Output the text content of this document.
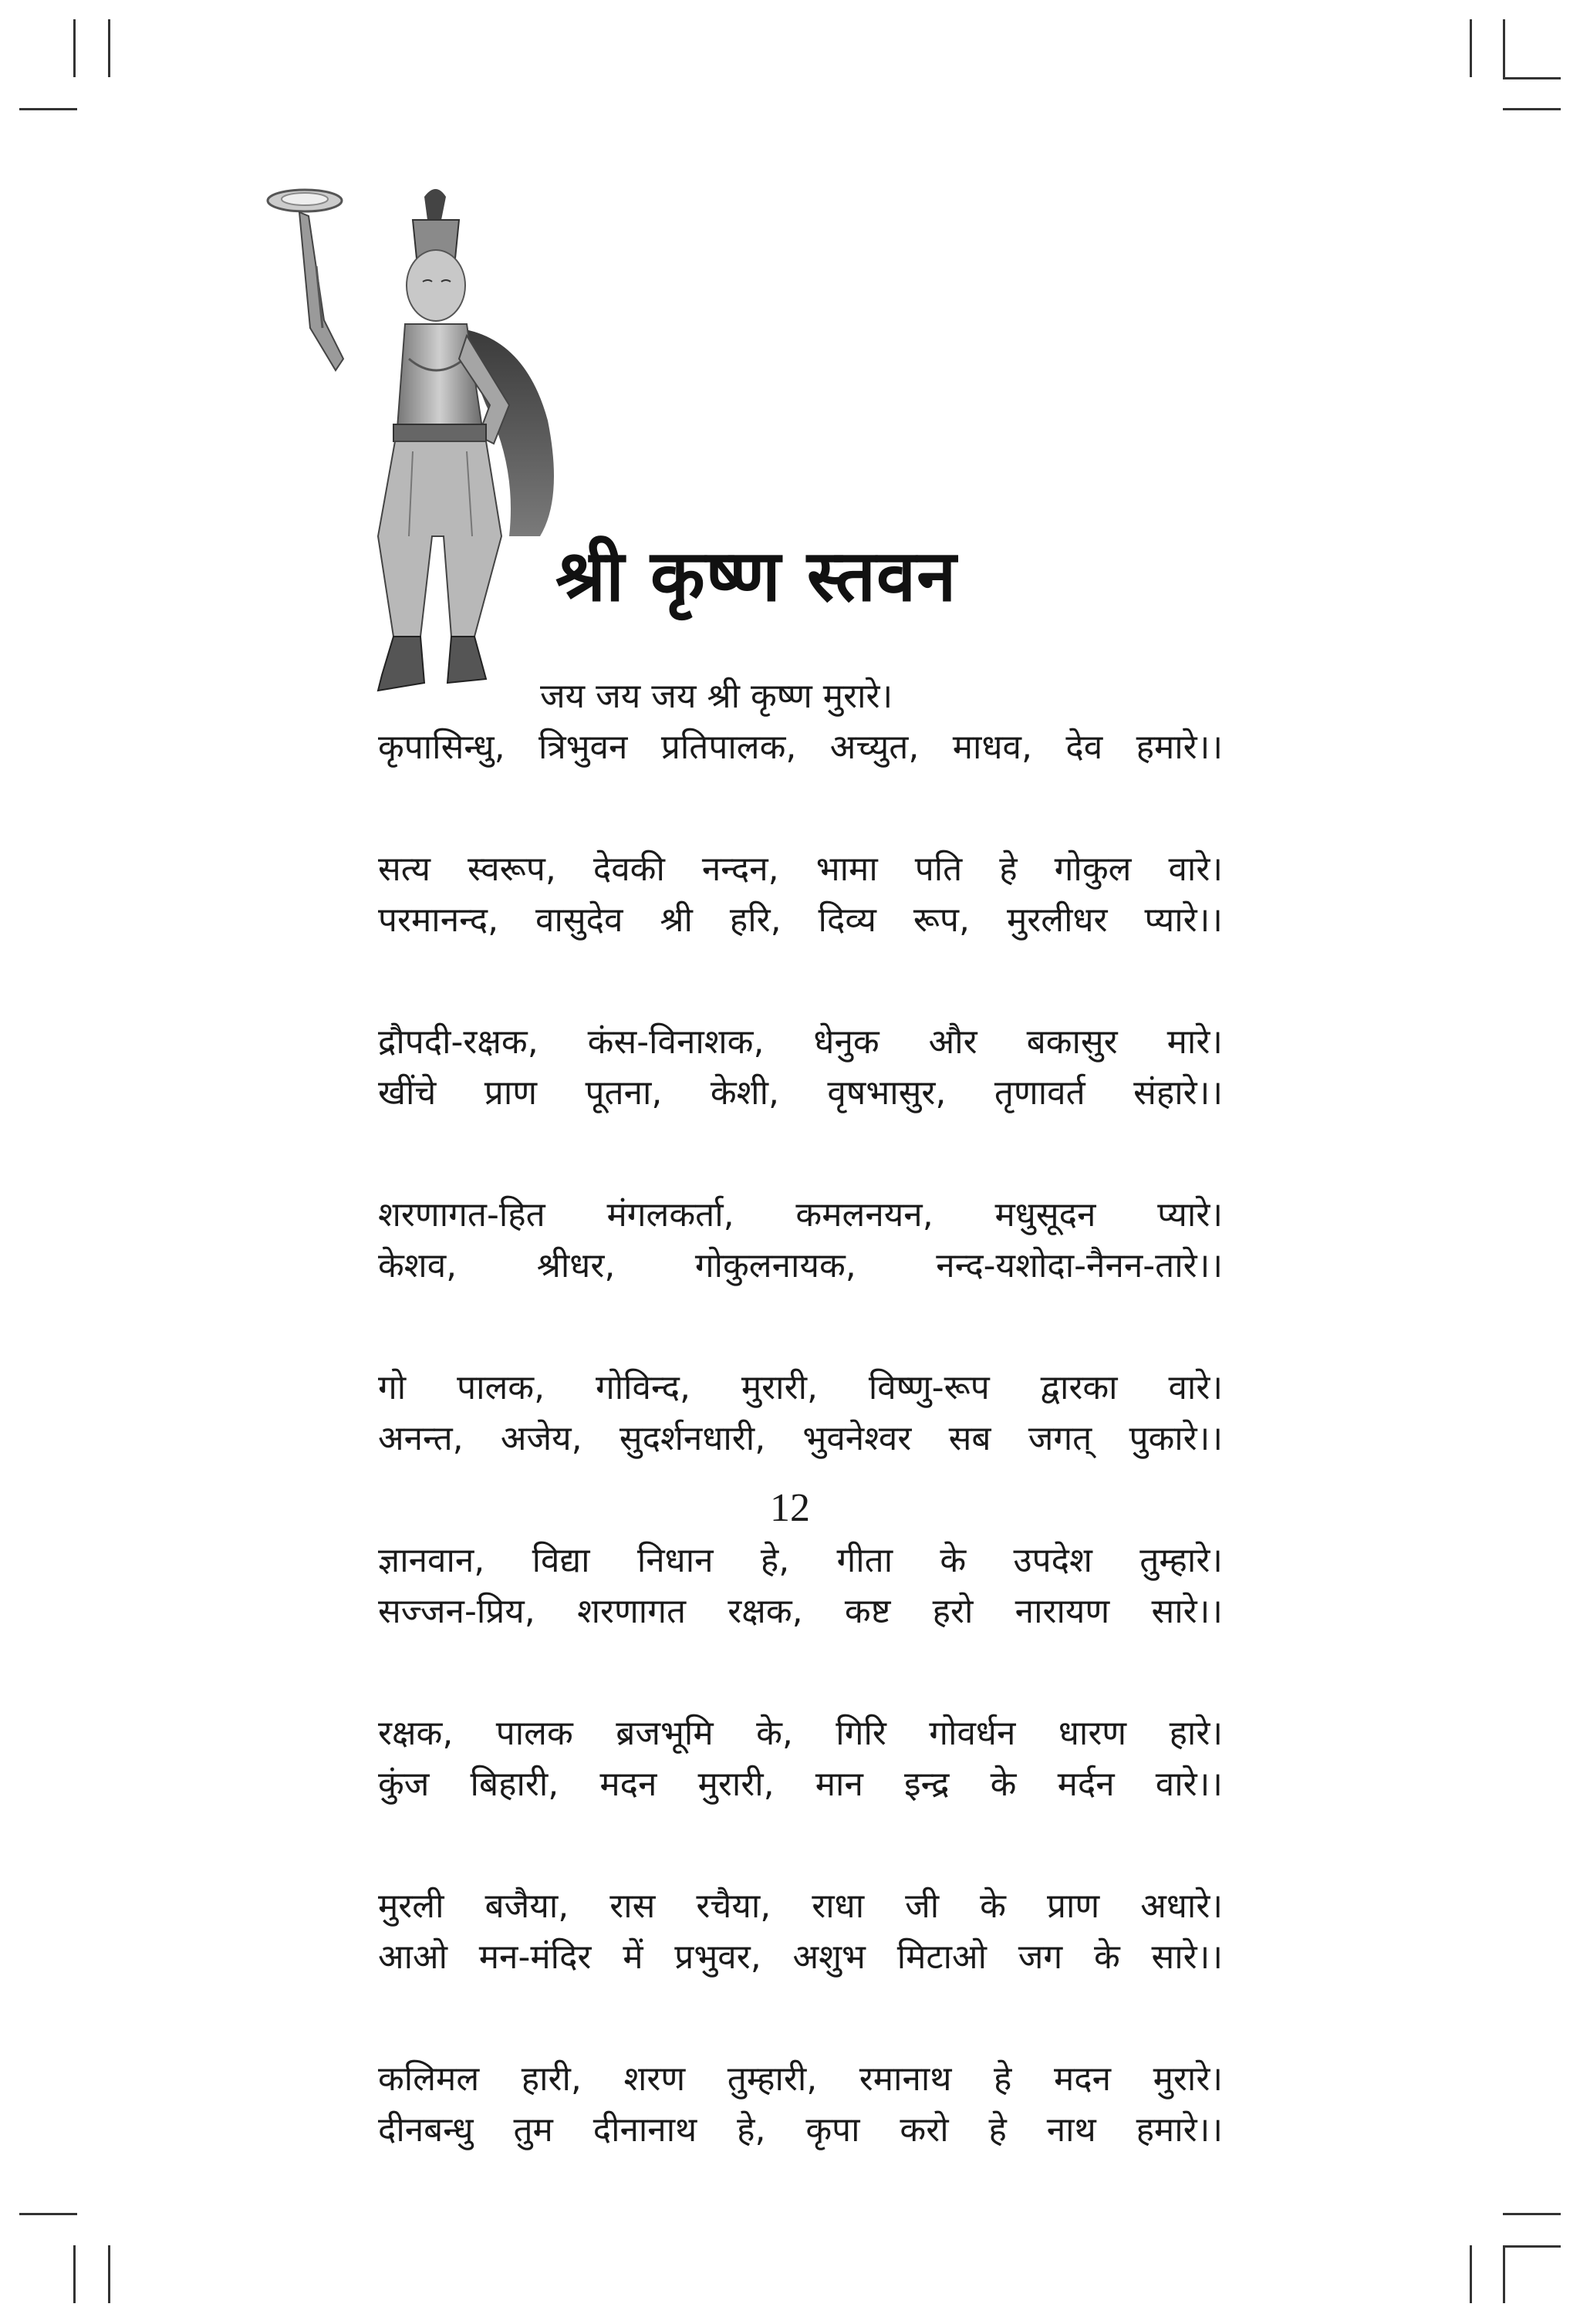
श्री कृष्ण स्तवन
जय जय जय श्री कृष्ण मुरारे।
कृपासिन्धु, त्रिभुवन प्रतिपालक, अच्युत, माधव, देव हमारे।।
सत्य स्वरूप, देवकी नन्दन, भामा पति हे गोकुल वारे।
परमानन्द, वासुदेव श्री हरि, दिव्य रूप, मुरलीधर प्यारे।।
द्रौपदी-रक्षक, कंस-विनाशक, धेनुक और बकासुर मारे।
खींचे प्राण पूतना, केशी, वृषभासुर, तृणावर्त संहारे।।
शरणागत-हित मंगलकर्ता, कमलनयन, मधुसूदन प्यारे।
केशव, श्रीधर, गोकुलनायक, नन्द-यशोदा-नैनन-तारे।।
गो पालक, गोविन्द, मुरारी, विष्णु-रूप द्वारका वारे।
अनन्त, अजेय, सुदर्शनधारी, भुवनेश्वर सब जगत् पुकारे।।
ज्ञानवान, विद्या निधान हे, गीता के उपदेश तुम्हारे।
सज्जन-प्रिय, शरणागत रक्षक, कष्ट हरो नारायण सारे।।
रक्षक, पालक ब्रजभूमि के, गिरि गोवर्धन धारण हारे।
कुंज बिहारी, मदन मुरारी, मान इन्द्र के मर्दन वारे।।
मुरली बजैया, रास रचैया, राधा जी के प्राण अधारे।
आओ मन-मंदिर में प्रभुवर, अशुभ मिटाओ जग के सारे।।
कलिमल हारी, शरण तुम्हारी, रमानाथ हे मदन मुरारे।
दीनबन्धु तुम दीनानाथ हे, कृपा करो हे नाथ हमारे।।
12
